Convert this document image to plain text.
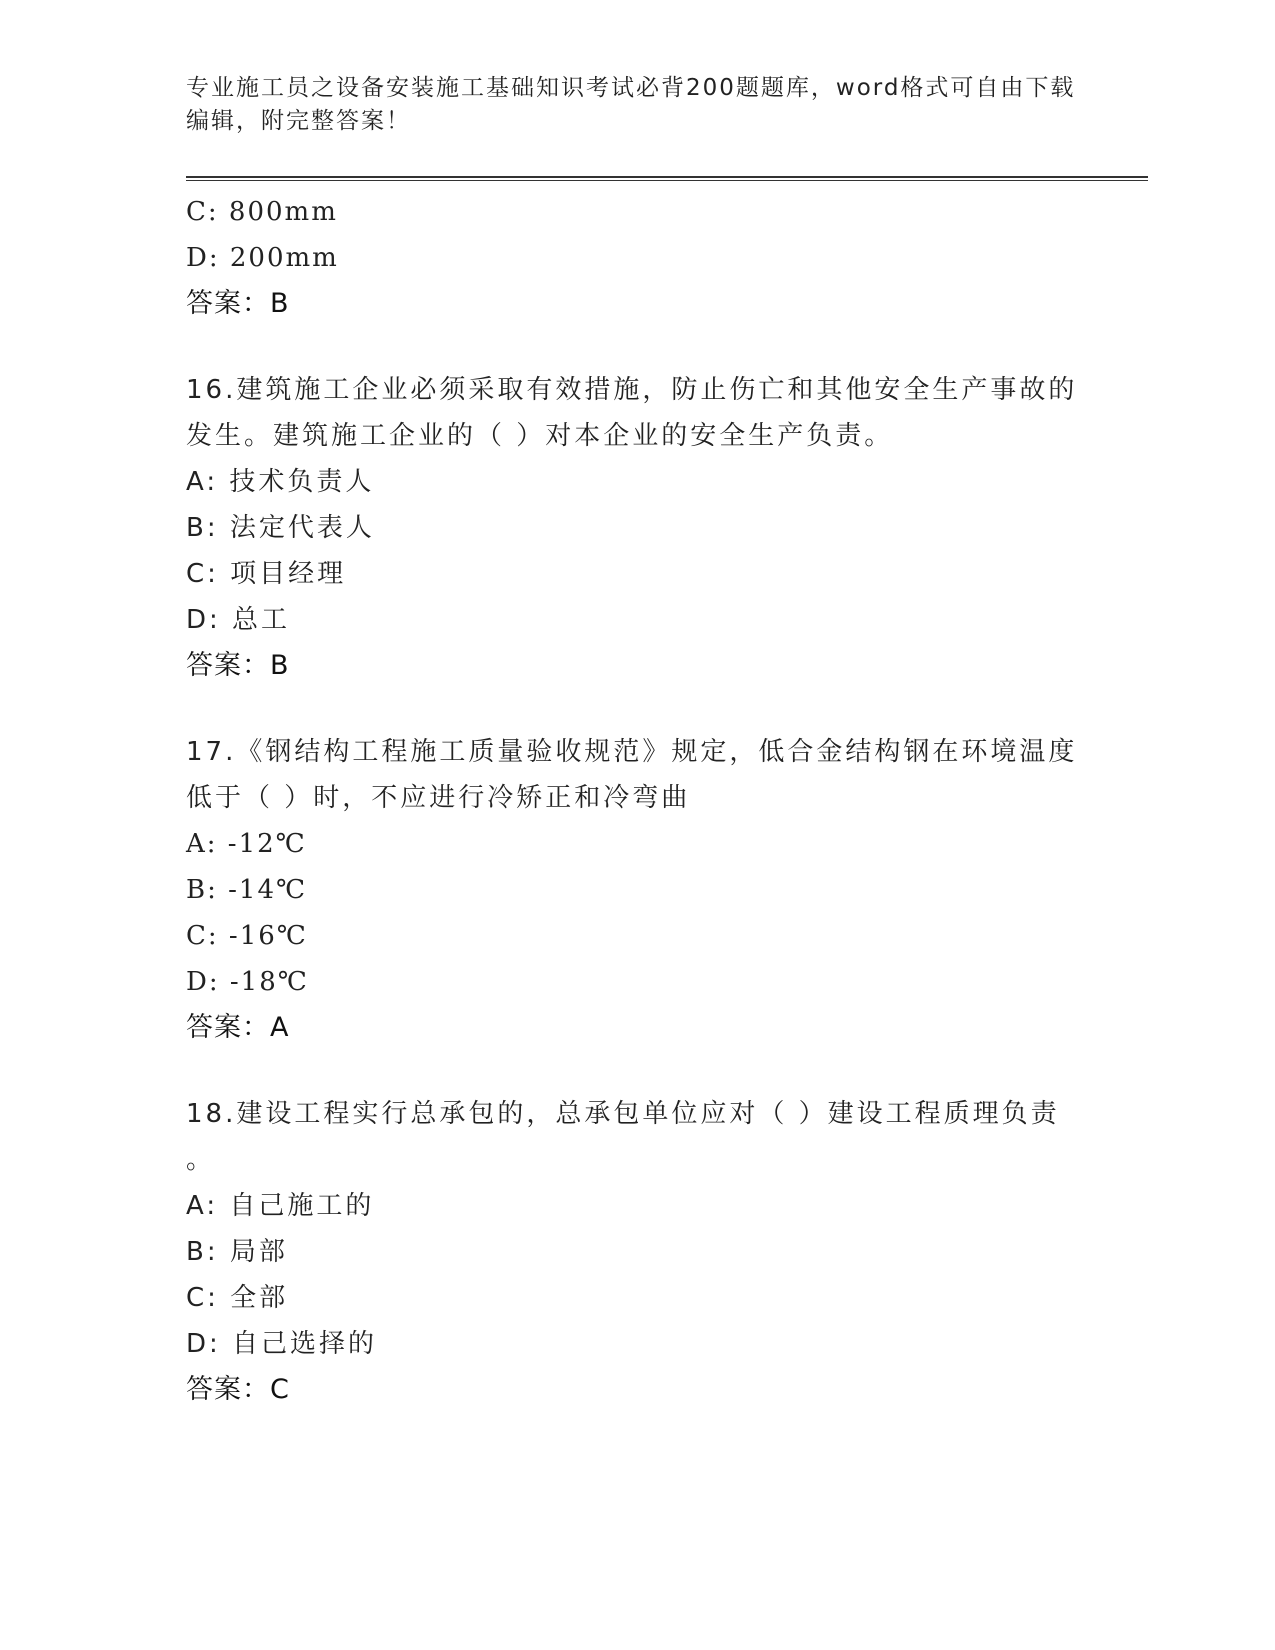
专业施工员之设备安装施工基础知识考试必背200题题库，word格式可自由下载
编辑，附完整答案！
C: 800mm
D: 200mm
答案：B
16.建筑施工企业必须采取有效措施，防止伤亡和其他安全生产事故的
发生。建筑施工企业的（ ）对本企业的安全生产负责。
A: 技术负责人
B: 法定代表人
C: 项目经理
D: 总工
答案：B
17.《钢结构工程施工质量验收规范》规定，低合金结构钢在环境温度
低于（ ）时，不应进行冷矫正和冷弯曲
A: -12℃
B: -14℃
C: -16℃
D: -18℃
答案：A
18.建设工程实行总承包的，总承包单位应对（ ）建设工程质理负责
。
A: 自己施工的
B: 局部
C: 全部
D: 自己选择的
答案：C
